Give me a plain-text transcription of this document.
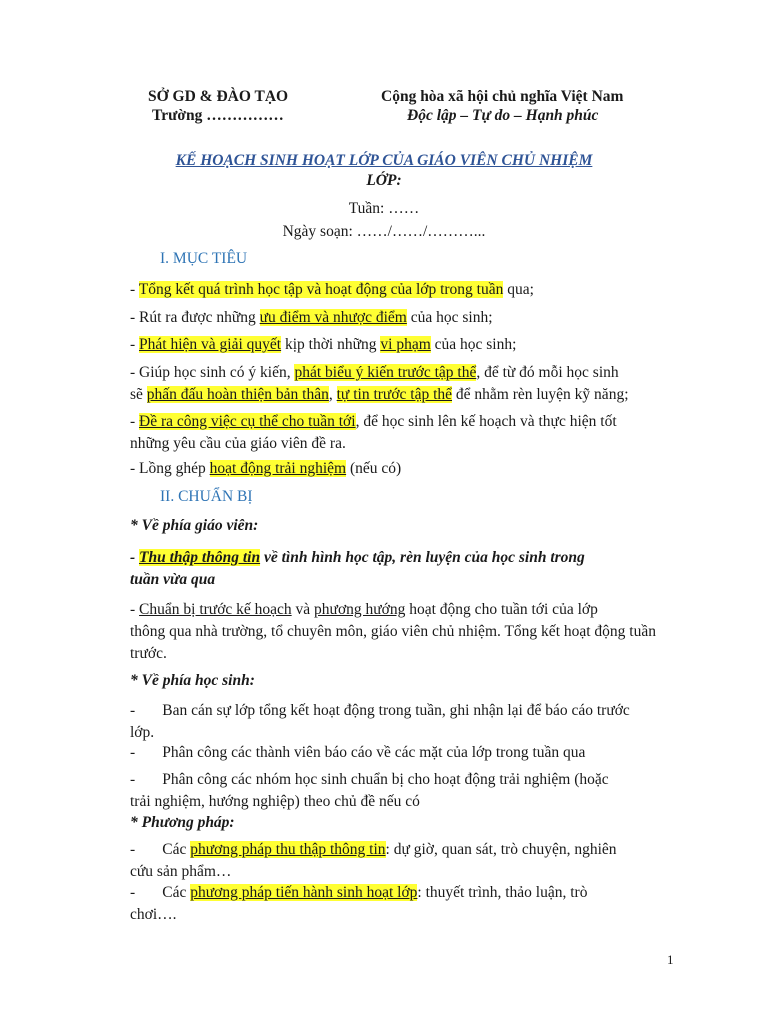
SỞ GD & ĐÀO TẠO
Trường ……………
Cộng hòa xã hội chủ nghĩa Việt Nam
Độc lập – Tự do – Hạnh phúc
KẾ HOẠCH SINH HOẠT LỚP CỦA GIÁO VIÊN CHỦ NHIỆM
LỚP:
Tuần: ……
Ngày soạn: ……/……/………...
I. MỤC TIÊU
- Tổng kết quá trình học tập và hoạt động của lớp trong tuần qua;
- Rút ra được những ưu điểm và nhược điểm của học sinh;
- Phát hiện và giải quyết kịp thời những vi phạm của học sinh;
- Giúp học sinh có ý kiến, phát biểu ý kiến trước tập thể, để từ đó mỗi học sinh
sẽ phấn đấu hoàn thiện bản thân, tự tin trước tập thể để nhằm rèn luyện kỹ năng;
- Đề ra công việc cụ thể cho tuần tới, để học sinh lên kế hoạch và thực hiện tốt
những yêu cầu của giáo viên đề ra.
- Lồng ghép hoạt động trải nghiệm (nếu có)
II. CHUẨN BỊ
* Về phía giáo viên:
- Thu thập thông tin về tình hình học tập, rèn luyện của học sinh trong
tuần vừa qua
- Chuẩn bị trước kế hoạch và phương hướng hoạt động cho tuần tới của lớp
thông qua nhà trường, tổ chuyên môn, giáo viên chủ nhiệm. Tổng kết hoạt động tuần
trước.
* Về phía học sinh:
-       Ban cán sự lớp tổng kết hoạt động trong tuần, ghi nhận lại để báo cáo trước
lớp.
-       Phân công các thành viên báo cáo về các mặt của lớp trong tuần qua
-       Phân công các nhóm học sinh chuẩn bị cho hoạt động trải nghiệm (hoặc
trải nghiệm, hướng nghiệp) theo chủ đề nếu có
* Phương pháp:
-       Các phương pháp thu thập thông tin: dự giờ, quan sát, trò chuyện, nghiên
cứu sản phẩm…
-       Các phương pháp tiến hành sinh hoạt lớp: thuyết trình, thảo luận, trò
chơi….
1
